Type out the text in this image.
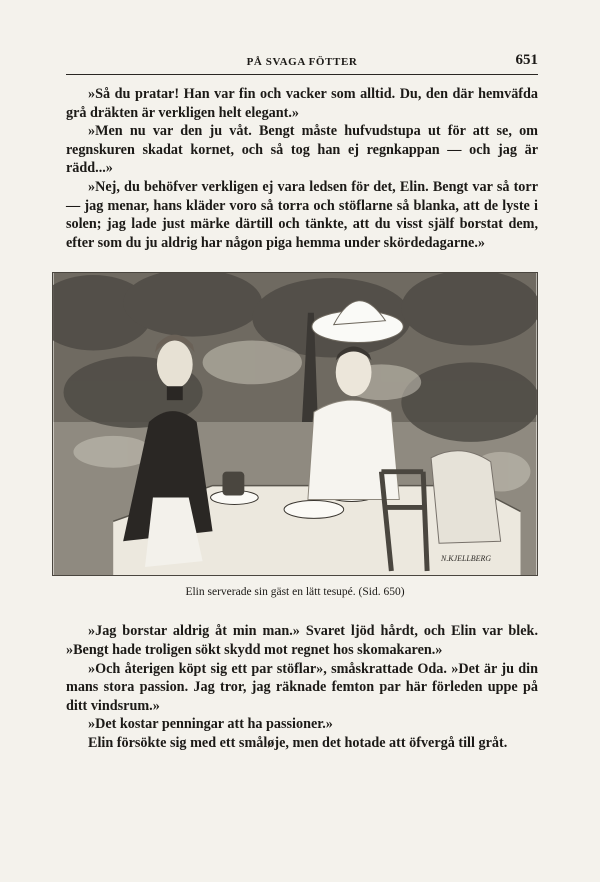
PÅ SVAGA FÖTTER	651

»Så du pratar! Han var fin och vacker som alltid. Du, den där hemväfda grå dräkten är verkligen helt elegant.»

»Men nu var den ju våt. Bengt måste hufvudstupa ut för att se, om regnskuren skadat kornet, och så tog han ej regnkappan — och jag är rädd...»

»Nej, du behöfver verkligen ej vara ledsen för det, Elin. Bengt var så torr — jag menar, hans kläder voro så torra och stöflarne så blanka, att de lyste i solen; jag lade just märke därtill och tänkte, att du visst själf borstat dem, efter som du ju aldrig har någon piga hemma under skördedagarne.»

N.KJELLBERG
Elin serverade sin gäst en lätt tesupé. (Sid. 650)

»Jag borstar aldrig åt min man.» Svaret ljöd hårdt, och Elin var blek. »Bengt hade troligen sökt skydd mot regnet hos skomakaren.»

»Och återigen köpt sig ett par stöflar», småskrattade Oda. »Det är ju din mans stora passion. Jag tror, jag räknade femton par här förleden uppe på ditt vindsrum.»

»Det kostar penningar att ha passioner.»

Elin försökte sig med ett småløje, men det hotade att öfvergå till gråt.
